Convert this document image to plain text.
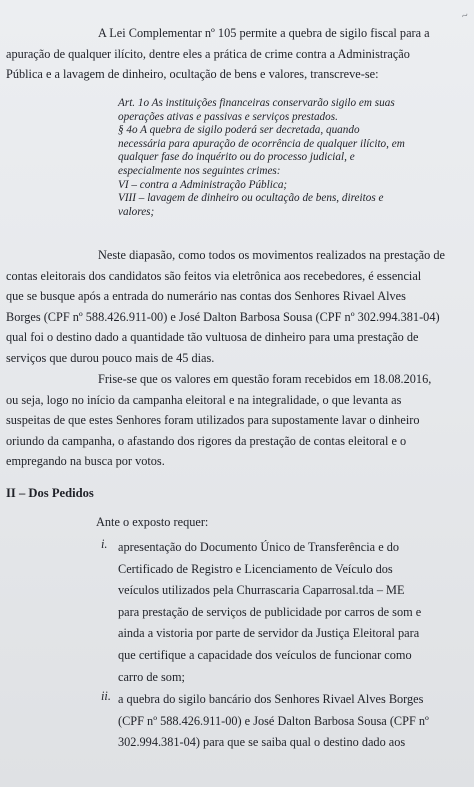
~
A Lei Complementar nº 105 permite a quebra de sigilo fiscal para a
apuração de qualquer ilícito, dentre eles a prática de crime contra a Administração
Pública e a lavagem de dinheiro, ocultação de bens e valores, transcreve-se:
Art. 1o As instituições financeiras conservarão sigilo em suas
operações ativas e passivas e serviços prestados.
§ 4o A quebra de sigilo poderá ser decretada, quando
necessária para apuração de ocorrência de qualquer ilícito, em
qualquer fase do inquérito ou do processo judicial, e
especialmente nos seguintes crimes:
VI – contra a Administração Pública;
VIII – lavagem de dinheiro ou ocultação de bens, direitos e
valores;
Neste diapasão, como todos os movimentos realizados na prestação de
contas eleitorais dos candidatos são feitos via eletrônica aos recebedores, é essencial
que se busque após a entrada do numerário nas contas dos Senhores Rivael Alves
Borges (CPF nº 588.426.911-00) e José Dalton Barbosa Sousa (CPF nº 302.994.381-04)
qual foi o destino dado a quantidade tão vultuosa de dinheiro para uma prestação de
serviços que durou pouco mais de 45 dias.
Frise-se que os valores em questão foram recebidos em 18.08.2016,
ou seja, logo no início da campanha eleitoral e na integralidade, o que levanta as
suspeitas de que estes Senhores foram utilizados para supostamente lavar o dinheiro
oriundo da campanha, o afastando dos rigores da prestação de contas eleitoral e o
empregando na busca por votos.
II – Dos Pedidos
Ante o exposto requer:
i. apresentação do Documento Único de Transferência e do
Certificado de Registro e Licenciamento de Veículo dos
veículos utilizados pela Churrascaria Caparrosal.tda – ME
para prestação de serviços de publicidade por carros de som e
ainda a vistoria por parte de servidor da Justiça Eleitoral para
que certifique a capacidade dos veículos de funcionar como
carro de som;
ii. a quebra do sigilo bancário dos Senhores Rivael Alves Borges
(CPF nº 588.426.911-00) e José Dalton Barbosa Sousa (CPF nº
302.994.381-04) para que se saiba qual o destino dado aos
